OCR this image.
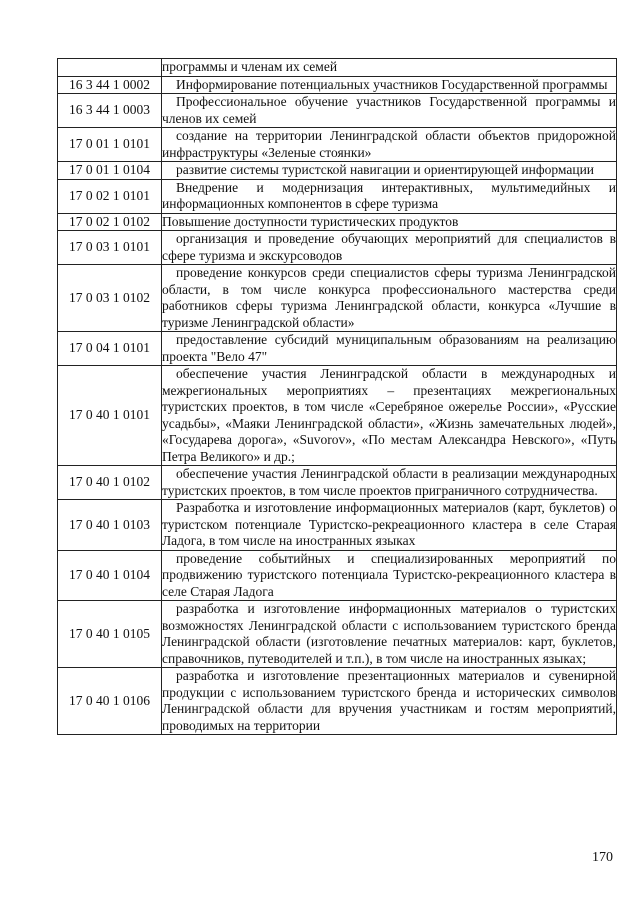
	программы и членам их семей
16 3 44 1 0002	Информирование потенциальных участников Государственной программы
16 3 44 1 0003	Профессиональное обучение участников Государственной программы и членов их семей
17 0 01 1 0101	создание на территории Ленинградской области объектов придорожной инфраструктуры «Зеленые стоянки»
17 0 01 1 0104	развитие системы туристской навигации и ориентирующей информации
17 0 02 1 0101	Внедрение и модернизация интерактивных, мультимедийных и информационных компонентов в сфере туризма
17 0 02 1 0102	Повышение доступности туристических продуктов
17 0 03 1 0101	организация и проведение обучающих мероприятий для специалистов в сфере туризма и экскурсоводов
17 0 03 1 0102	проведение конкурсов среди специалистов сферы туризма Ленинградской области, в том числе конкурса профессионального мастерства среди работников сферы туризма Ленинградской области, конкурса «Лучшие в туризме Ленинградской области»
17 0 04 1 0101	предоставление субсидий муниципальным образованиям на реализацию проекта "Вело 47"
17 0 40 1 0101	обеспечение участия Ленинградской области в международных и межрегиональных мероприятиях – презентациях межрегиональных туристских проектов, в том числе «Серебряное ожерелье России», «Русские усадьбы», «Маяки Ленинградской области», «Жизнь замечательных людей», «Государева дорога», «Suvorov», «По местам Александра Невского», «Путь Петра Великого» и др.;
17 0 40 1 0102	обеспечение участия Ленинградской области в реализации международных туристских проектов, в том числе проектов приграничного сотрудничества.
17 0 40 1 0103	Разработка и изготовление информационных материалов (карт, буклетов) о туристском потенциале Туристско-рекреационного кластера в селе Старая Ладога, в том числе на иностранных языках
17 0 40 1 0104	проведение событийных и специализированных мероприятий по продвижению туристского потенциала Туристско-рекреационного кластера в селе Старая Ладога
17 0 40 1 0105	разработка и изготовление информационных материалов о туристских возможностях Ленинградской области с использованием туристского бренда Ленинградской области (изготовление печатных материалов: карт, буклетов, справочников, путеводителей и т.п.), в том числе на иностранных языках;
17 0 40 1 0106	разработка и изготовление презентационных материалов и сувенирной продукции с использованием туристского бренда и исторических символов Ленинградской области для вручения участникам и гостям мероприятий, проводимых на территории
170
